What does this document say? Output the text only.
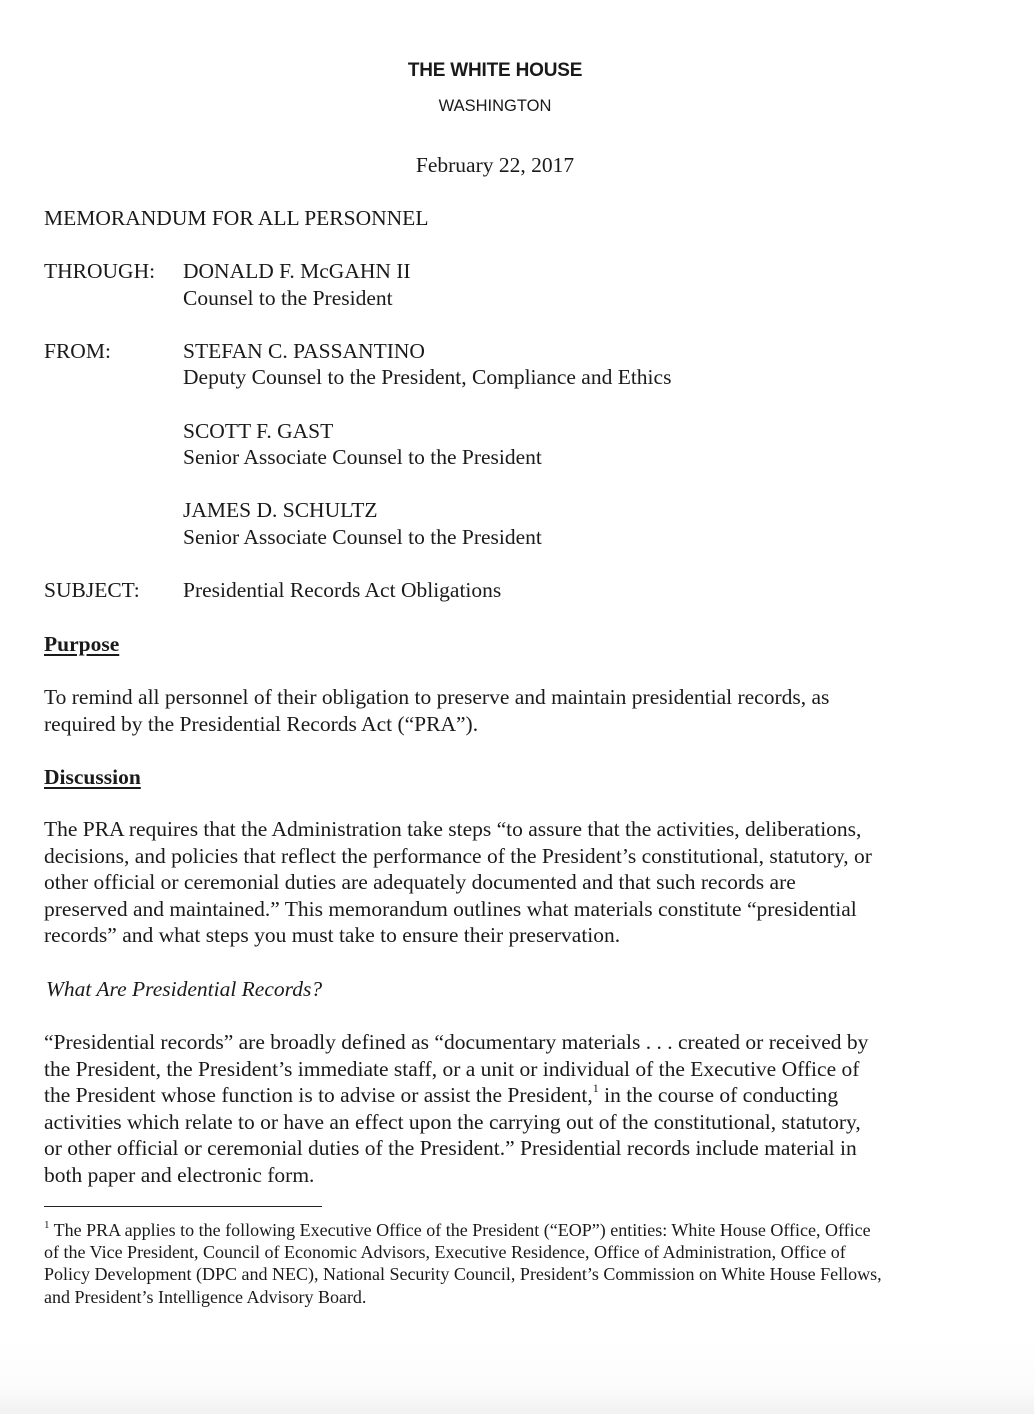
THE WHITE HOUSE
WASHINGTON
February 22, 2017
MEMORANDUM FOR ALL PERSONNEL
THROUGH: DONALD F. McGAHN II
Counsel to the President
FROM:	STEFAN C. PASSANTINO
Deputy Counsel to the President, Compliance and Ethics
SCOTT F. GAST
Senior Associate Counsel to the President
JAMES D. SCHULTZ
Senior Associate Counsel to the President
SUBJECT: Presidential Records Act Obligations
Purpose
To remind all personnel of their obligation to preserve and maintain presidential records, as
required by the Presidential Records Act (“PRA”).
Discussion
The PRA requires that the Administration take steps “to assure that the activities, deliberations,
decisions, and policies that reflect the performance of the President’s constitutional, statutory, or
other official or ceremonial duties are adequately documented and that such records are
preserved and maintained.” This memorandum outlines what materials constitute “presidential
records” and what steps you must take to ensure their preservation.
What Are Presidential Records?
“Presidential records” are broadly defined as “documentary materials . . . created or received by
the President, the President’s immediate staff, or a unit or individual of the Executive Office of
the President whose function is to advise or assist the President,$^1$ in the course of conducting
activities which relate to or have an effect upon the carrying out of the constitutional, statutory,
or other official or ceremonial duties of the President.” Presidential records include material in
both paper and electronic form.
$^1$ The PRA applies to the following Executive Office of the President (“EOP”) entities: White House Office, Office
of the Vice President, Council of Economic Advisors, Executive Residence, Office of Administration, Office of
Policy Development (DPC and NEC), National Security Council, President’s Commission on White House Fellows,
and President’s Intelligence Advisory Board.
